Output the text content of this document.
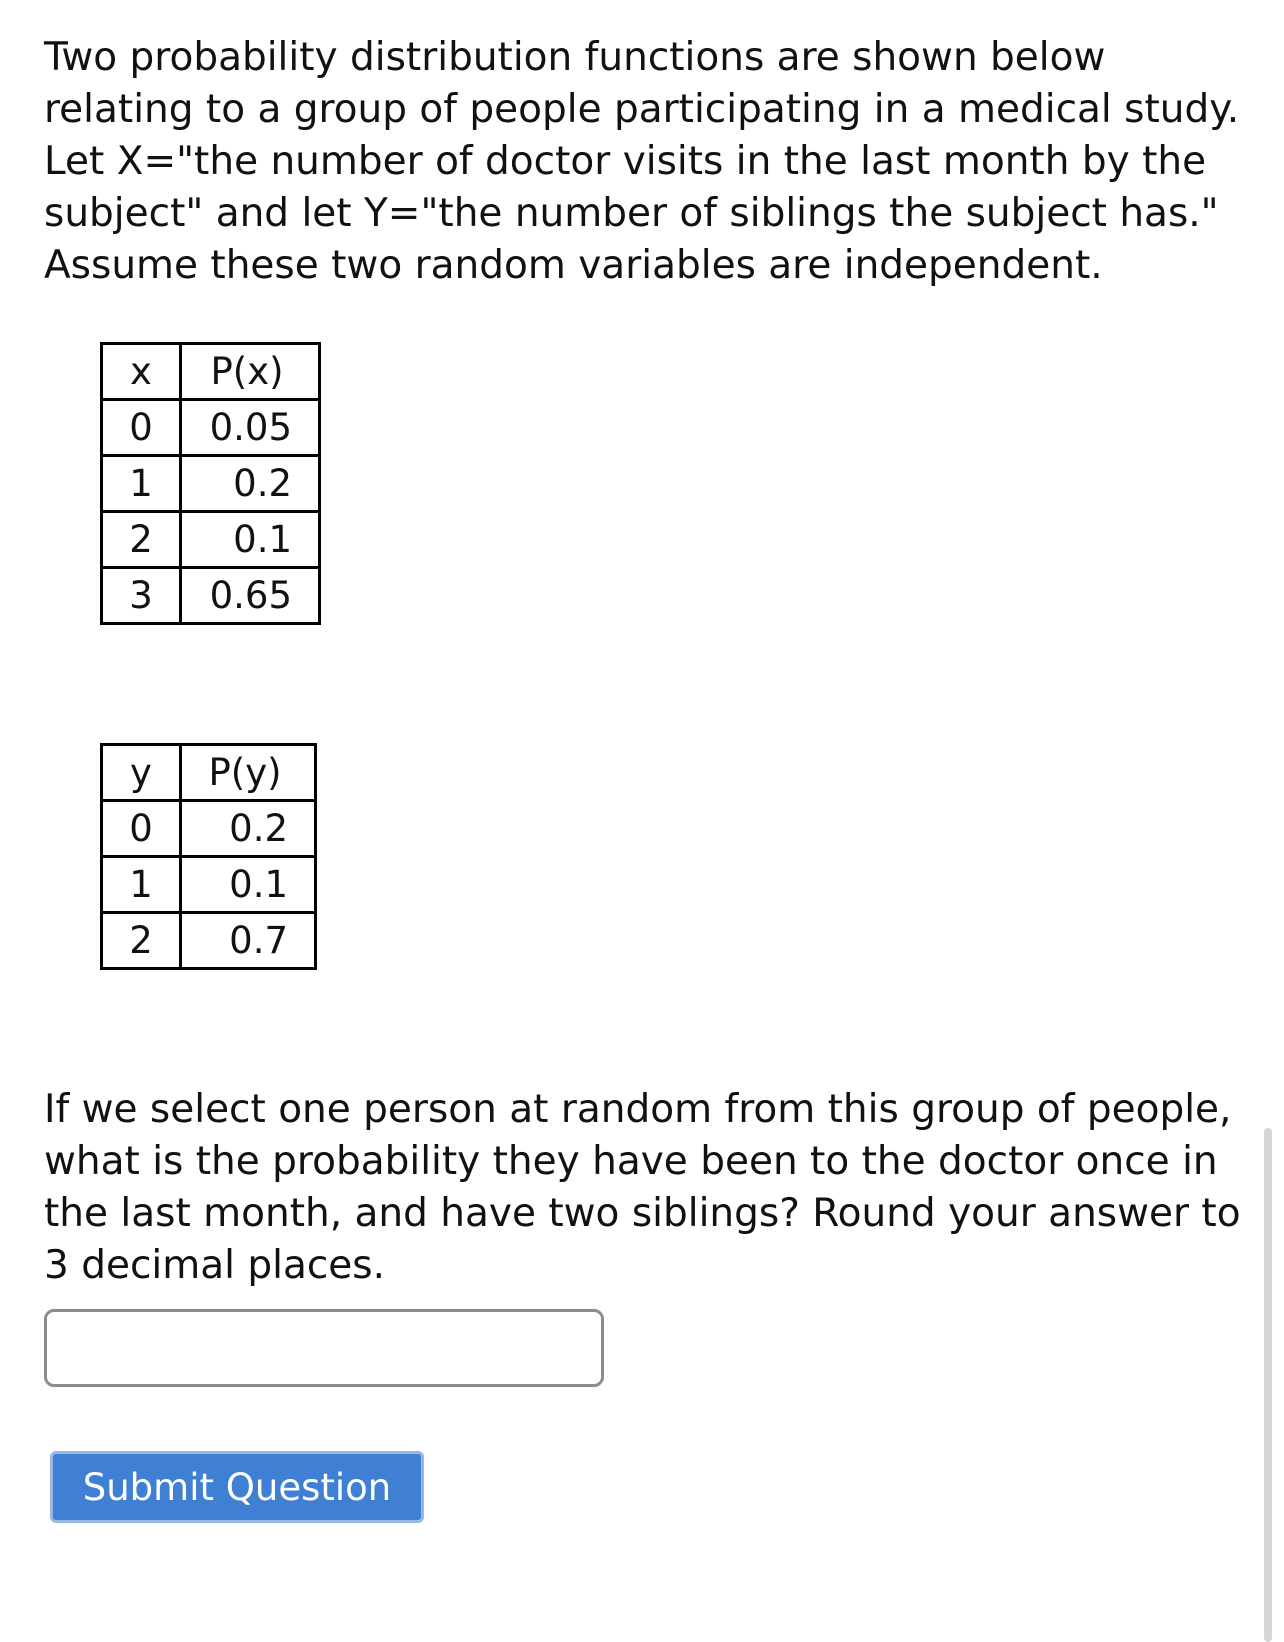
Two probability distribution functions are shown below relating to a group of people participating in a medical study. Let X="the number of doctor visits in the last month by the subject" and let Y="the number of siblings the subject has." Assume these two random variables are independent.

x	P(x)
0	0.05
1	0.2
2	0.1
3	0.65
y	P(y)
0	0.2
1	0.1
2	0.7

If we select one person at random from this group of people, what is the probability they have been to the doctor once in the last month, and have two siblings? Round your answer to 3 decimal places.

Submit Question
